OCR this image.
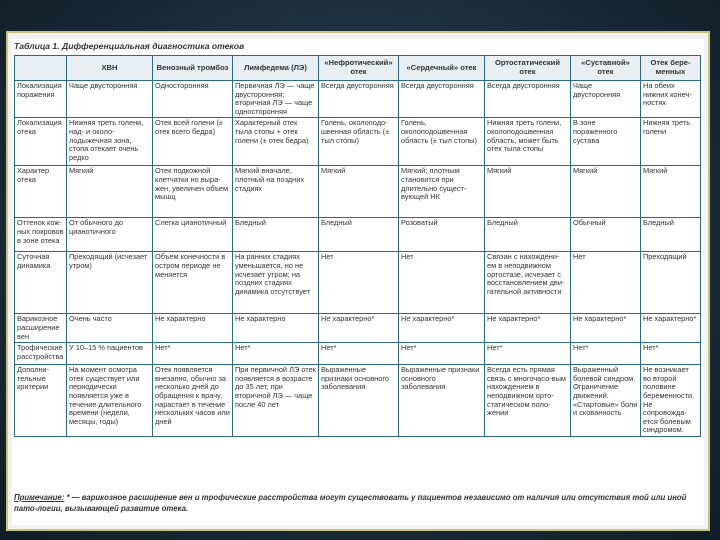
Таблица 1. Дифференциальная диагностика отеков
	ХВН	Венозный тромбоз	Лимфедема (ЛЭ)	«Нефротический» отек	«Сердечный» отек	Ортостатический отек	«Суставной» отек	Отек бере-менных
Локализация поражения	Чаще двусторонняя	Односторонняя	Первичная ЛЭ — чаще двусторонняя; вторичная ЛЭ — чаще односторонняя	Всегда двусторонняя	Всегда двусторонняя	Всегда двусторонняя	Чаще двусторонняя	На обеих нижних конеч-ностях
Локализация отека	Нижняя треть голени, над- и около-лодыжечная зона, стопа отекает очень редко	Отек всей голени (± отек всего бедра)	Характерный отек тыла стопы + отек голени (± отек бедра)	Голень, околоподо-швенная область (± тыл стопы)	Голень, околоподошвенная область (± тыл стопы)	Нижняя треть голени, околоподошвенная область, может быть отек тыла стопы	В зоне пораженного сустава	Нижняя треть голени
Характер отека	Мягкий	Отек подкожной клетчатки но выра-жен, увеличен объем мышц	Мягкий вначале, плотный на поздних стадиях	Мягкий	Мягкий; плотным становится при длительно сущест-вующей НК	Мягкий	Мягкий	Мягкий
Оттенок кож-ных покровов в зоне отека	От обычного до цианотичного	Слегка цианотичный	Бледный	Бледный	Розоватый	Бледный	Обычный	Бледный
Суточная динамика	Преходящий (исчезает утром)	Объем конечности в остром периоде не меняется	На ранних стадиях уменьшается, но не исчезает утром; на поздних стадиях динамика отсутствует	Нет	Нет	Связан с нахождени-ем в неподвижном ортостазе, исчезает с восстановлением дви-гательной активности	Нет	Преходящий
Варикозное расширение вен	Очень часто	Не характерно	Не характерно	Не характерно*	Не характерно*	Не характерно*	Не характерно*	Не характерно*
Трофические расстройства	У 10–15 % пациентов	Нет*	Нет*	Нет*	Нет*	Нет*	Нет*	Нет*
Дополни-тельные критерии	На момент осмотра отек существует или периодически появляется уже в течение длительного времени (недели, месяцы, годы)	Отек появляется внезапно, обычно за несколько дней до обращения к врачу, нарастает в течение нескольких часов или дней	При первичной ЛЭ отек появляется в возрасте до 35 лет, при вторичной ЛЭ — чаще после 40 лет	Выраженные признаки основного заболевания	Выраженные признаки основного заболевания	Всегда есть прямая связь с многочасо-вым нахождением в неподвижном орто-статическом поло-жении	Выраженный болевой синдром. Ограничение движений. «Стартовые» боли и скованность	Не возникает во второй половине беременности. Не сопровожда-ется болевым синдромом.
Примечание: * — варикозное расширение вен и трофические расстройства могут существовать у пациентов независимо от наличия или отсутствия той или иной пато-логии, вызывающей развитие отека.
